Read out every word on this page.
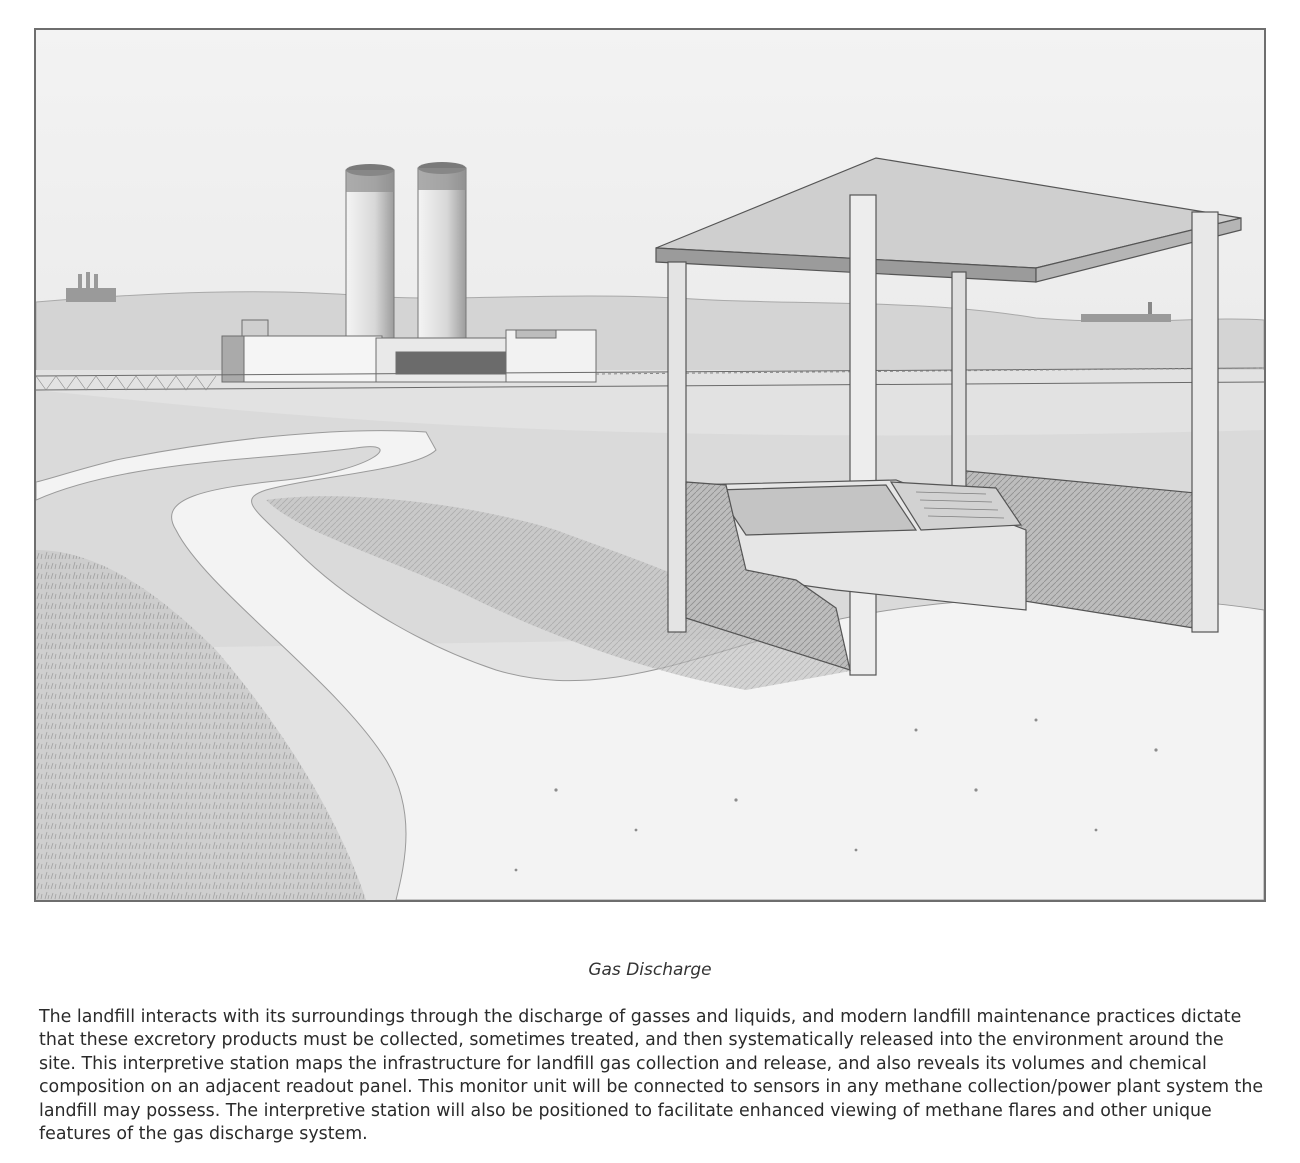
Gas Discharge

The landfill interacts with its surroundings through the discharge of gasses and liquids, and modern landfill maintenance practices dictate that these excretory products must be collected, sometimes treated, and then systematically released into the environment around the site. This interpretive station maps the infrastructure for landfill gas collection and release, and also reveals its volumes and chemical composition on an adjacent readout panel. This monitor unit will be connected to sensors in any methane collection/power plant system the landfill may possess. The interpretive station will also be positioned to facilitate enhanced viewing of methane flares and other unique features of the gas discharge system.
